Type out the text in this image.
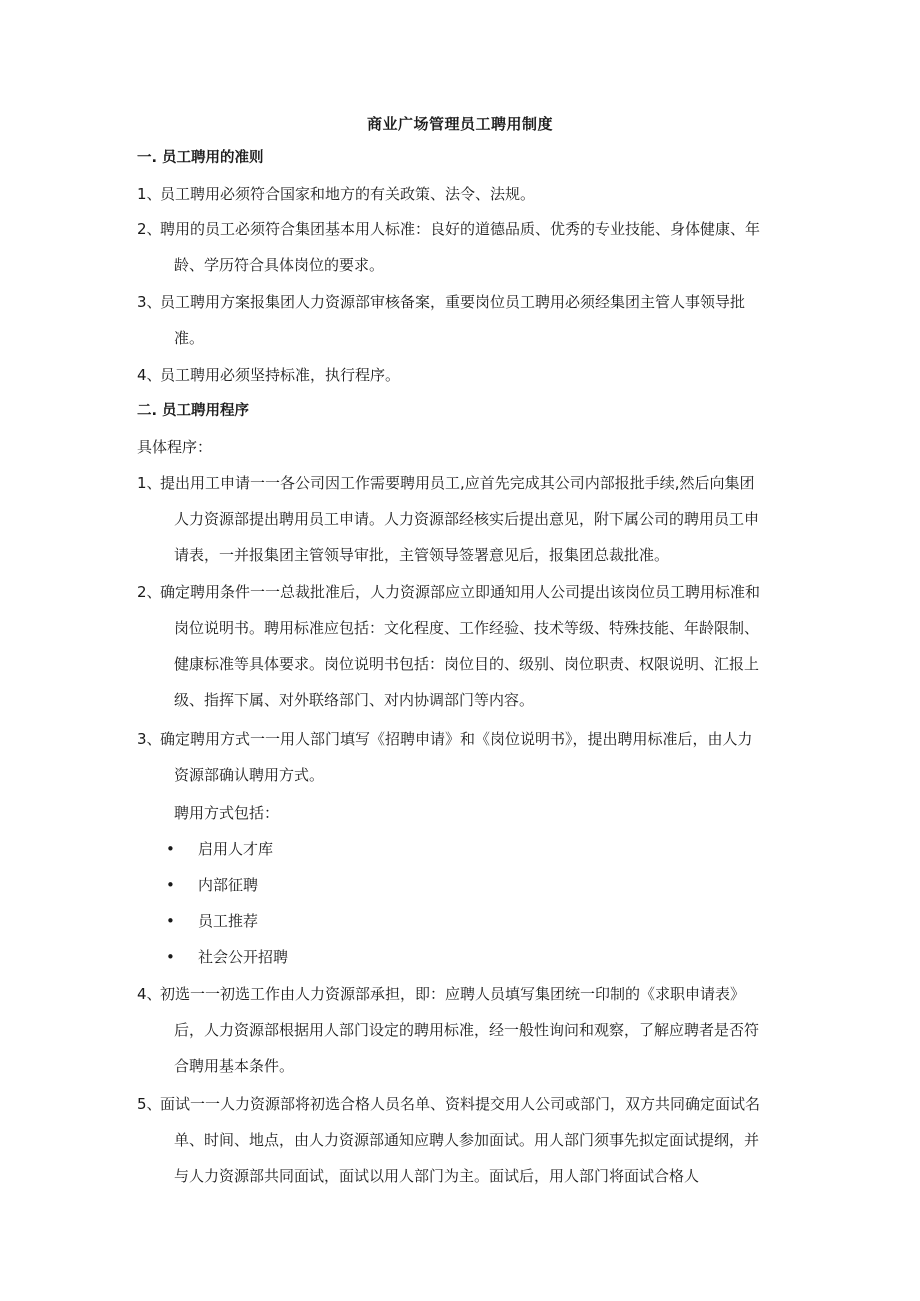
商业广场管理员工聘用制度
一. 员工聘用的准则
1、员工聘用必须符合国家和地方的有关政策、法令、法规。
2、聘用的员工必须符合集团基本用人标准：良好的道德品质、优秀的专业技能、身体健康、年
龄、学历符合具体岗位的要求。
3、员工聘用方案报集团人力资源部审核备案，重要岗位员工聘用必须经集团主管人事领导批
准。
4、员工聘用必须坚持标准，执行程序。
二. 员工聘用程序
具体程序：
1、提出用工申请一一各公司因工作需要聘用员工,应首先完成其公司内部报批手续,然后向集团
人力资源部提出聘用员工申请。人力资源部经核实后提出意见，附下属公司的聘用员工申
请表，一并报集团主管领导审批，主管领导签署意见后，报集团总裁批准。
2、确定聘用条件一一总裁批准后，人力资源部应立即通知用人公司提出该岗位员工聘用标准和
岗位说明书。聘用标准应包括：文化程度、工作经验、技术等级、特殊技能、年龄限制、
健康标准等具体要求。岗位说明书包括：岗位目的、级别、岗位职责、权限说明、汇报上
级、指挥下属、对外联络部门、对内协调部门等内容。
3、确定聘用方式一一用人部门填写《招聘申请》和《岗位说明书》，提出聘用标准后，由人力
资源部确认聘用方式。
聘用方式包括：
• 启用人才库
• 内部征聘
• 员工推荐
• 社会公开招聘
4、初选一一初选工作由人力资源部承担，即：应聘人员填写集团统一印制的《求职申请表》
后，人力资源部根据用人部门设定的聘用标准，经一般性询问和观察，了解应聘者是否符
合聘用基本条件。
5、面试一一人力资源部将初选合格人员名单、资料提交用人公司或部门，双方共同确定面试名
单、时间、地点，由人力资源部通知应聘人参加面试。用人部门须事先拟定面试提纲，并
与人力资源部共同面试，面试以用人部门为主。面试后，用人部门将面试合格人
